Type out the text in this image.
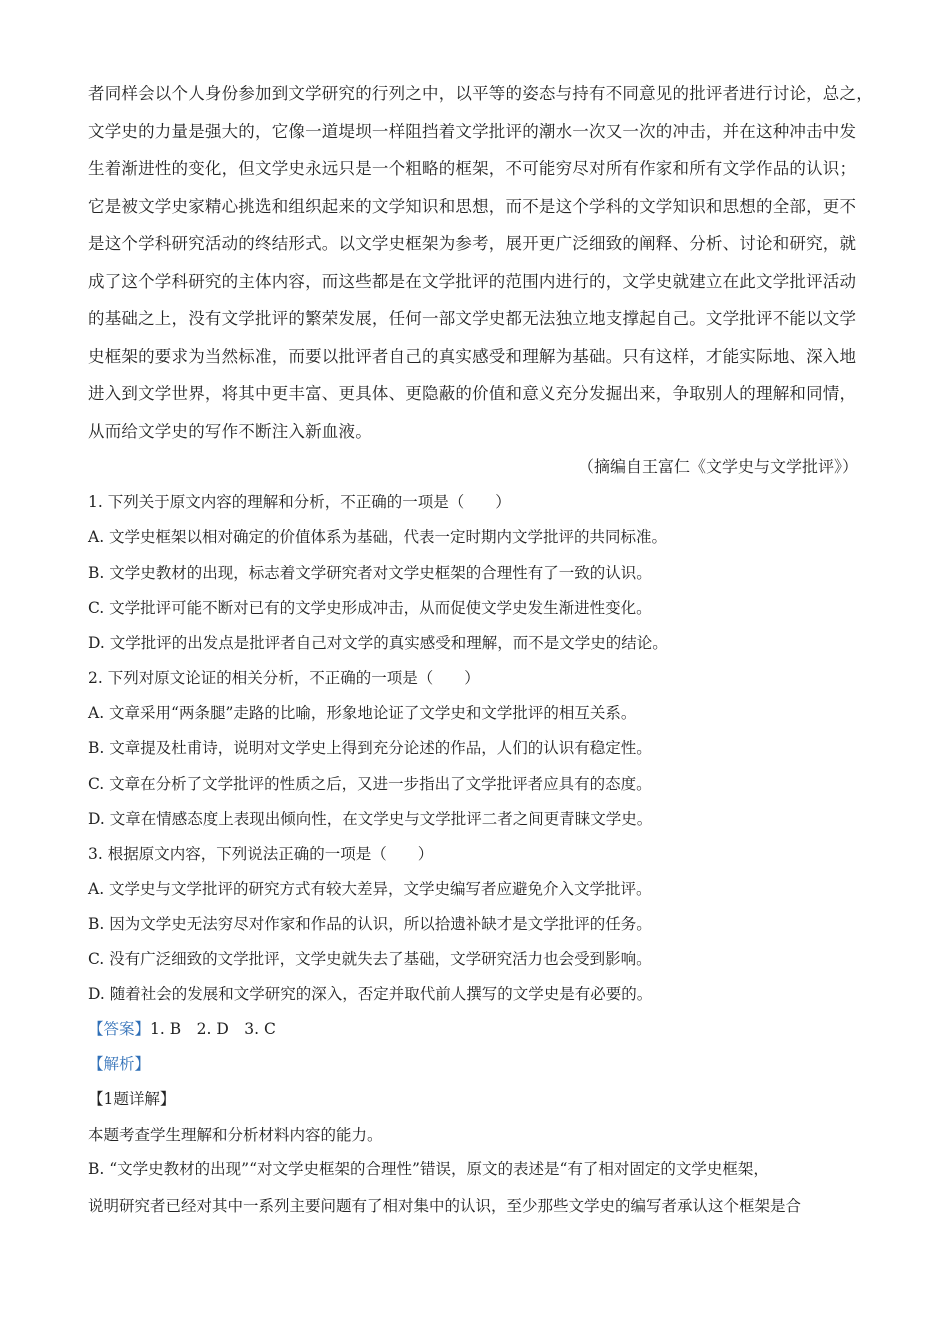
者同样会以个人身份参加到文学研究的行列之中，以平等的姿态与持有不同意见的批评者进行讨论，总之，
文学史的力量是强大的，它像一道堤坝一样阻挡着文学批评的潮水一次又一次的冲击，并在这种冲击中发
生着渐进性的变化，但文学史永远只是一个粗略的框架，不可能穷尽对所有作家和所有文学作品的认识；
它是被文学史家精心挑选和组织起来的文学知识和思想，而不是这个学科的文学知识和思想的全部，更不
是这个学科研究活动的终结形式。以文学史框架为参考，展开更广泛细致的阐释、分析、讨论和研究，就
成了这个学科研究的主体内容，而这些都是在文学批评的范围内进行的，文学史就建立在此文学批评活动
的基础之上，没有文学批评的繁荣发展，任何一部文学史都无法独立地支撑起自己。文学批评不能以文学
史框架的要求为当然标准，而要以批评者自己的真实感受和理解为基础。只有这样，才能实际地、深入地
进入到文学世界，将其中更丰富、更具体、更隐蔽的价值和意义充分发掘出来，争取别人的理解和同情，
从而给文学史的写作不断注入新血液。
（摘编自王富仁《文学史与文学批评》）
1. 下列关于原文内容的理解和分析，不正确的一项是（　　）
A. 文学史框架以相对确定的价值体系为基础，代表一定时期内文学批评的共同标准。
B. 文学史教材的出现，标志着文学研究者对文学史框架的合理性有了一致的认识。
C. 文学批评可能不断对已有的文学史形成冲击，从而促使文学史发生渐进性变化。
D. 文学批评的出发点是批评者自己对文学的真实感受和理解，而不是文学史的结论。
2. 下列对原文论证的相关分析，不正确的一项是（　　）
A. 文章采用“两条腿”走路的比喻，形象地论证了文学史和文学批评的相互关系。
B. 文章提及杜甫诗，说明对文学史上得到充分论述的作品，人们的认识有稳定性。
C. 文章在分析了文学批评的性质之后，又进一步指出了文学批评者应具有的态度。
D. 文章在情感态度上表现出倾向性，在文学史与文学批评二者之间更青睐文学史。
3. 根据原文内容，下列说法正确的一项是（　　）
A. 文学史与文学批评的研究方式有较大差异，文学史编写者应避免介入文学批评。
B. 因为文学史无法穷尽对作家和作品的认识，所以拾遗补缺才是文学批评的任务。
C. 没有广泛细致的文学批评，文学史就失去了基础，文学研究活力也会受到影响。
D. 随着社会的发展和文学研究的深入，否定并取代前人撰写的文学史是有必要的。
【答案】1. B　2. D　3. C
【解析】
【1题详解】
本题考查学生理解和分析材料内容的能力。
B. “文学史教材的出现”“对文学史框架的合理性”错误，原文的表述是“有了相对固定的文学史框架，
说明研究者已经对其中一系列主要问题有了相对集中的认识，至少那些文学史的编写者承认这个框架是合
